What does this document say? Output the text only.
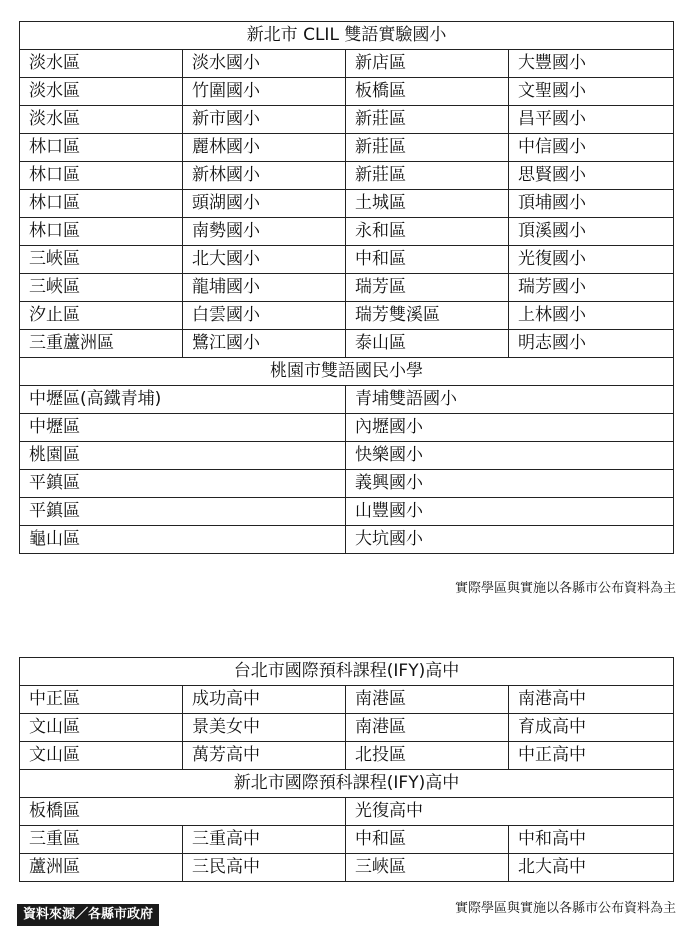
新北市 CLIL 雙語實驗國小			
淡水區	淡水國小	新店區	大豐國小
淡水區	竹圍國小	板橋區	文聖國小
淡水區	新市國小	新莊區	昌平國小
林口區	麗林國小	新莊區	中信國小
林口區	新林國小	新莊區	思賢國小
林口區	頭湖國小	土城區	頂埔國小
林口區	南勢國小	永和區	頂溪國小
三峽區	北大國小	中和區	光復國小
三峽區	龍埔國小	瑞芳區	瑞芳國小
汐止區	白雲國小	瑞芳雙溪區	上林國小
三重蘆洲區	鷺江國小	泰山區	明志國小
桃園市雙語國民小學			
中壢區(高鐵青埔)		青埔雙語國小	
中壢區		內壢國小	
桃園區		快樂國小	
平鎮區		義興國小	
平鎮區		山豐國小	
龜山區		大坑國小	
實際學區與實施以各縣市公布資料為主
台北市國際預科課程(IFY)高中			
中正區	成功高中	南港區	南港高中
文山區	景美女中	南港區	育成高中
文山區	萬芳高中	北投區	中正高中
新北市國際預科課程(IFY)高中			
板橋區		光復高中	
三重區	三重高中	中和區	中和高中
蘆洲區	三民高中	三峽區	北大高中
實際學區與實施以各縣市公布資料為主
資料來源／各縣市政府
